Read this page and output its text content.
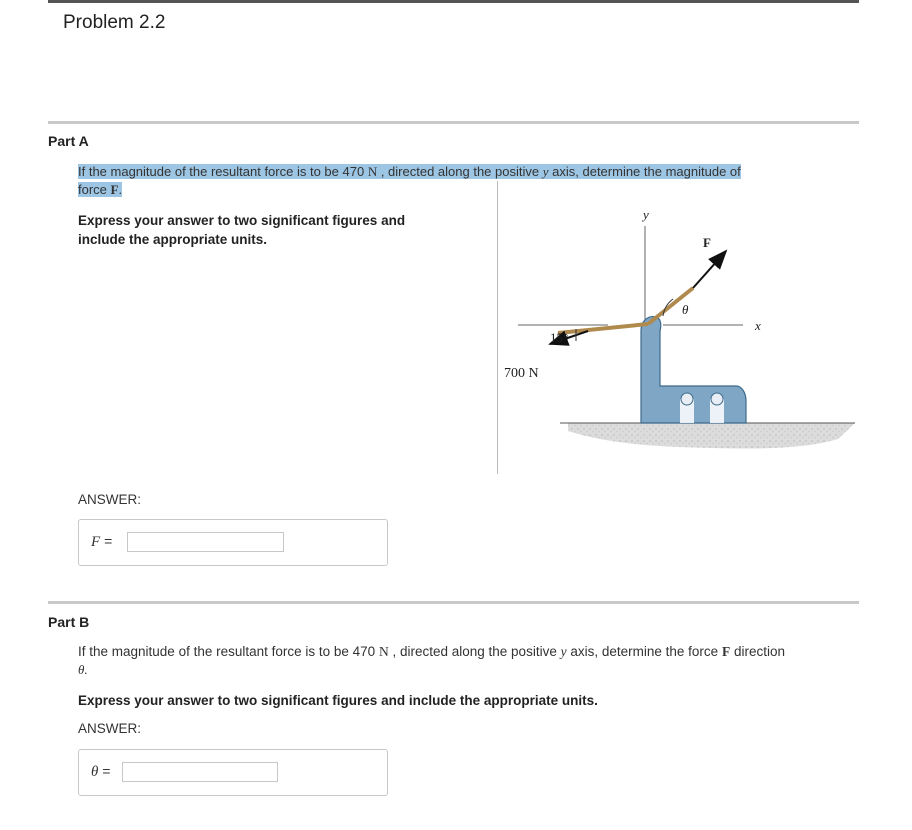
Problem 2.2
Part A
If the magnitude of the resultant force is to be 470 N , directed along the positive y axis, determine the magnitude of
force F.
Express your answer to two significant figures and
include the appropriate units.
y
x
F
700 N
15°
θ
ANSWER:
F =
Part B
If the magnitude of the resultant force is to be 470 N , directed along the positive y axis, determine the force F direction
θ.
Express your answer to two significant figures and include the appropriate units.
ANSWER:
θ =
